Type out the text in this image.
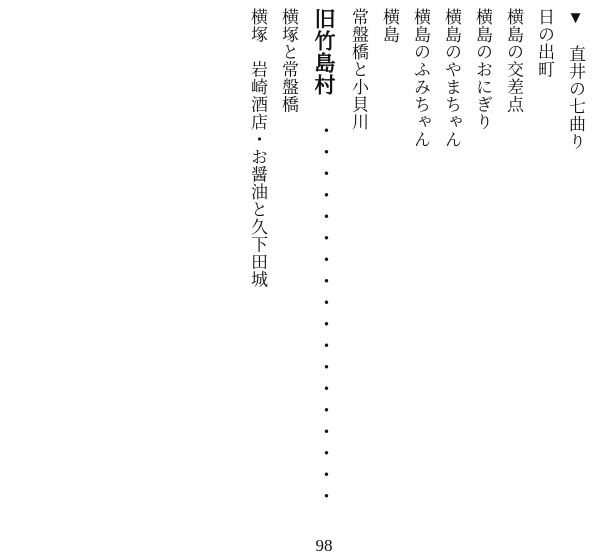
横塚　岩崎酒店・お醤油と久下田城 横塚と常盤橋 旧竹島村 ・・・・・・・・・・・・・・・・・・ 98
常盤橋と小貝川 横島 横島のふみちゃん 横島のやまちゃん 横島のおにぎり 横島の交差点 日の出町 ▼　直井の七曲り
